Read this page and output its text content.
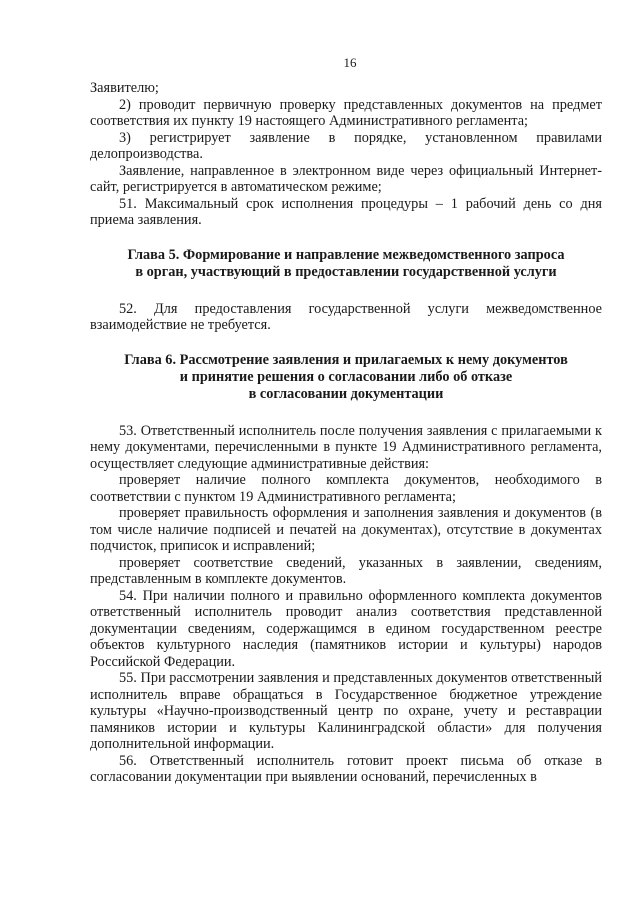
16

Заявителю;

2) проводит первичную проверку представленных документов на предмет соответствия их пункту 19 настоящего Административного регламента;

3) регистрирует заявление в порядке, установленном правилами делопроизводства.

Заявление, направленное в электронном виде через официальный Интернет-сайт, регистрируется в автоматическом режиме;

51. Максимальный срок исполнения процедуры – 1 рабочий день со дня приема заявления.

Глава 5. Формирование и направление межведомственного запроса

в орган, участвующий в предоставлении государственной услуги

52. Для предоставления государственной услуги межведомственное взаимодействие не требуется.

Глава 6. Рассмотрение заявления и прилагаемых к нему документов

и принятие решения о согласовании либо об отказе

в согласовании документации

53. Ответственный исполнитель после получения заявления с прилагаемыми к нему документами, перечисленными в пункте 19 Административного регламента, осуществляет следующие административные действия:

проверяет наличие полного комплекта документов, необходимого в соответствии с пунктом 19 Административного регламента;

проверяет правильность оформления и заполнения заявления и документов (в том числе наличие подписей и печатей на документах), отсутствие в документах подчисток, приписок и исправлений;

проверяет соответствие сведений, указанных в заявлении, сведениям, представленным в комплекте документов.

54. При наличии полного и правильно оформленного комплекта документов ответственный исполнитель проводит анализ соответствия представленной документации сведениям, содержащимся в едином государственном реестре объектов культурного наследия (памятников истории и культуры) народов Российской Федерации.

55. При рассмотрении заявления и представленных документов ответственный исполнитель вправе обращаться в Государственное бюджетное утреждение культуры «Научно-производственный центр по охране, учету и реставрации памяников истории и культуры Калининградской области» для получения дополнительной информации.

56. Ответственный исполнитель готовит проект письма об отказе в согласовании документации при выявлении оснований, перечисленных в
